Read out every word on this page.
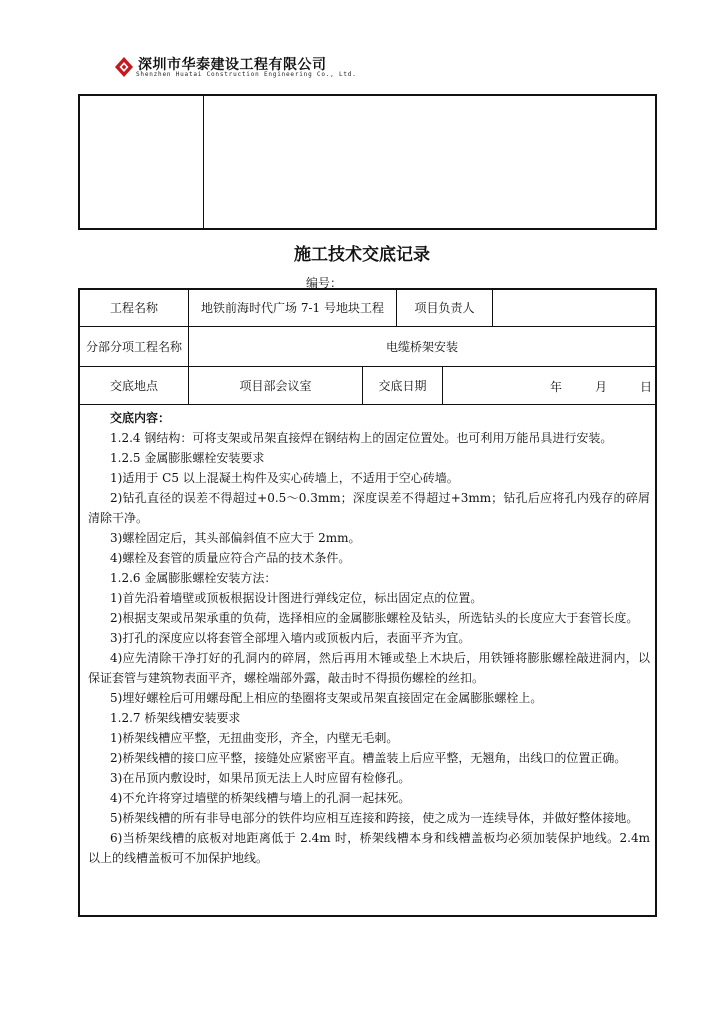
深圳市华泰建设工程有限公司
Shenzhen Huatai Construction Engineering Co., Ltd.
施工技术交底记录
编号：
工程名称	地铁前海时代广场 7-1 号地块工程	项目负责人
分部分项工程名称	电缆桥架安装
交底地点	项目部会议室	交底日期	年	月	日
交底内容：

1.2.4 钢结构：可将支架或吊架直接焊在钢结构上的固定位置处。也可利用万能吊具进行安装。

1.2.5 金属膨胀螺栓安装要求

1)适用于 C5 以上混凝土构件及实心砖墙上，不适用于空心砖墙。

2)钻孔直径的误差不得超过+0.5～0.3mm；深度误差不得超过+3mm；钻孔后应将孔内残存的碎屑清除干净。

3)螺栓固定后，其头部偏斜值不应大于 2mm。

4)螺栓及套管的质量应符合产品的技术条件。

1.2.6 金属膨胀螺栓安装方法：

1)首先沿着墙壁或顶板根据设计图进行弹线定位，标出固定点的位置。

2)根据支架或吊架承重的负荷，选择相应的金属膨胀螺栓及钻头，所选钻头的长度应大于套管长度。

3)打孔的深度应以将套管全部埋入墙内或顶板内后，表面平齐为宜。

4)应先清除干净打好的孔洞内的碎屑，然后再用木锤或垫上木块后，用铁锤将膨胀螺栓敲进洞内，以保证套管与建筑物表面平齐，螺栓端部外露，敲击时不得损伤螺栓的丝扣。

5)埋好螺栓后可用螺母配上相应的垫圈将支架或吊架直接固定在金属膨胀螺栓上。

1.2.7 桥架线槽安装要求

1)桥架线槽应平整，无扭曲变形，齐全，内壁无毛刺。

2)桥架线槽的接口应平整，接缝处应紧密平直。槽盖装上后应平整，无翘角，出线口的位置正确。

3)在吊顶内敷设时，如果吊顶无法上人时应留有检修孔。

4)不允许将穿过墙壁的桥架线槽与墙上的孔洞一起抹死。

5)桥架线槽的所有非导电部分的铁件均应相互连接和跨接，使之成为一连续导体，并做好整体接地。

6)当桥架线槽的底板对地距离低于 2.4m 时，桥架线槽本身和线槽盖板均必须加装保护地线。2.4m 以上的线槽盖板可不加保护地线。
